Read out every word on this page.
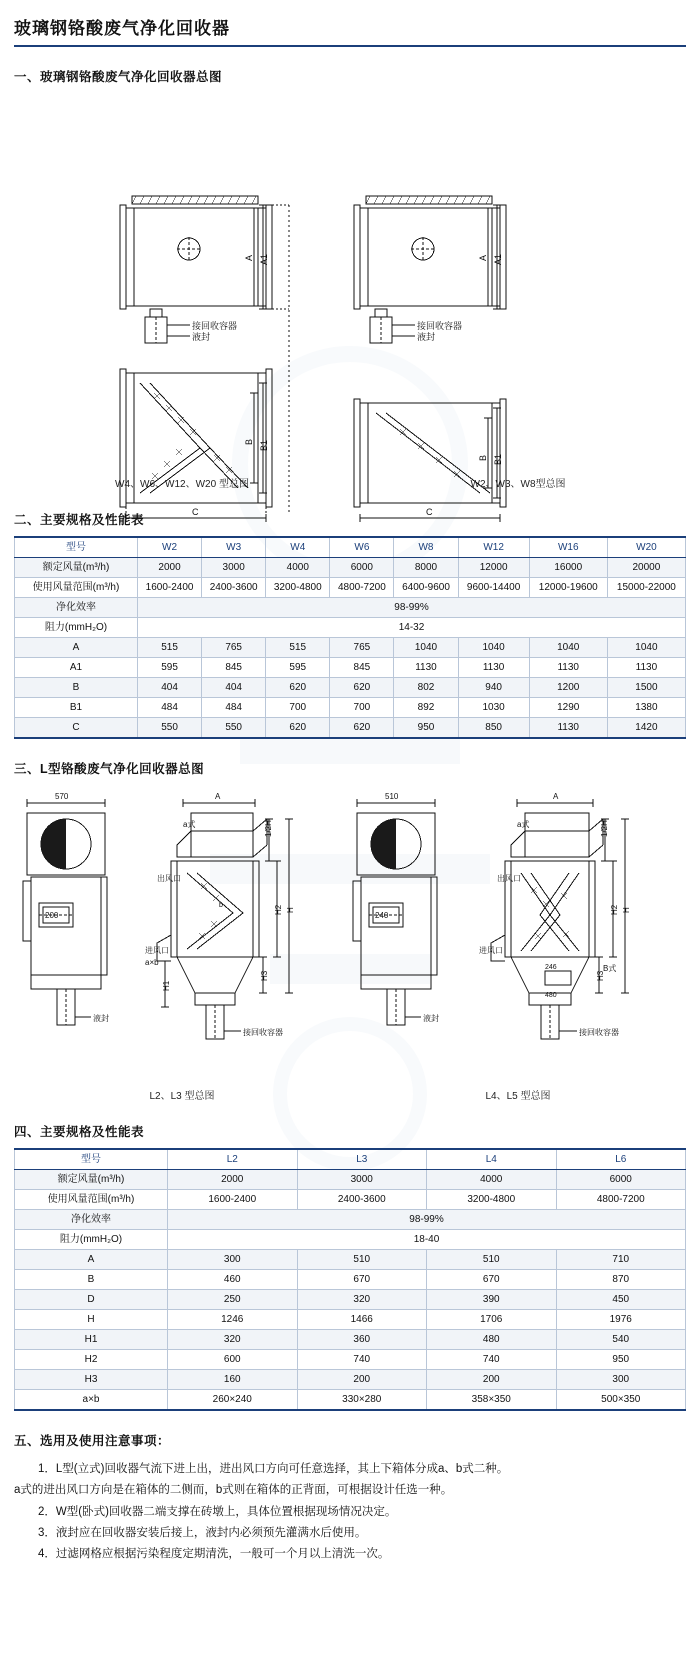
玻璃钢铬酸废气净化回收器
一、玻璃钢铬酸废气净化回收器总图
接回收容器
液封
接回收容器
液封
A A1	A A1
B B1
B B1
C	C
W4、W6、W12、W20 型总图	W2、W3、W8型总图
二、主要规格及性能表
型号	W2	W3	W4	W6	W8	W12	W16	W20
额定风量(m³/h)	2000	3000	4000	6000	8000	12000	16000	20000
使用风量范围(m³/h)	1600-2400	2400-3600	3200-4800	4800-7200	6400-9600	9600-14400	12000-19600	15000-22000
净化效率	98-99%							
阻力(mmH₂O)	14-32							
A	515	765	515	765	1040	1040	1040	1040
A1	595	845	595	845	1130	1130	1130	1130
B	404	404	620	620	802	940	1200	1500
B1	484	484	700	700	892	1030	1290	1380
C	550	550	620	620	950	850	1130	1420
三、L型铬酸废气净化回收器总图
570
200
液封
510
240
液封
A
a式
出风口
进风口
a×b
接回收容器
1/2H
H2 H
H3
H1
b
A
a式
出风口
进风口
B式
246
480
接回收容器
1/2H
H2 H
H3
L2、L3 型总图	L4、L5 型总图
四、主要规格及性能表
型号	L2	L3	L4	L6
额定风量(m³/h)	2000	3000	4000	6000
使用风量范围(m³/h)	1600-2400	2400-3600	3200-4800	4800-7200
净化效率	98-99%			
阻力(mmH₂O)	18-40			
A	300	510	510	710
B	460	670	670	870
D	250	320	390	450
H	1246	1466	1706	1976
H1	320	360	480	540
H2	600	740	740	950
H3	160	200	200	300
a×b	260×240	330×280	358×350	500×350
五、选用及使用注意事项：
1．L型(立式)回收器气流下进上出，进出风口方向可任意选择，其上下箱体分成a、b式二种。
a式的进出风口方向是在箱体的二侧而，b式则在箱体的正背面，可根据设计任选一种。
2．W型(卧式)回收器二端支撑在砖墩上，具体位置根据现场情况决定。
3．液封应在回收器安装后接上，液封内必须预先灌满水后使用。
4．过滤网格应根据污染程度定期清洗，一般可一个月以上清洗一次。
